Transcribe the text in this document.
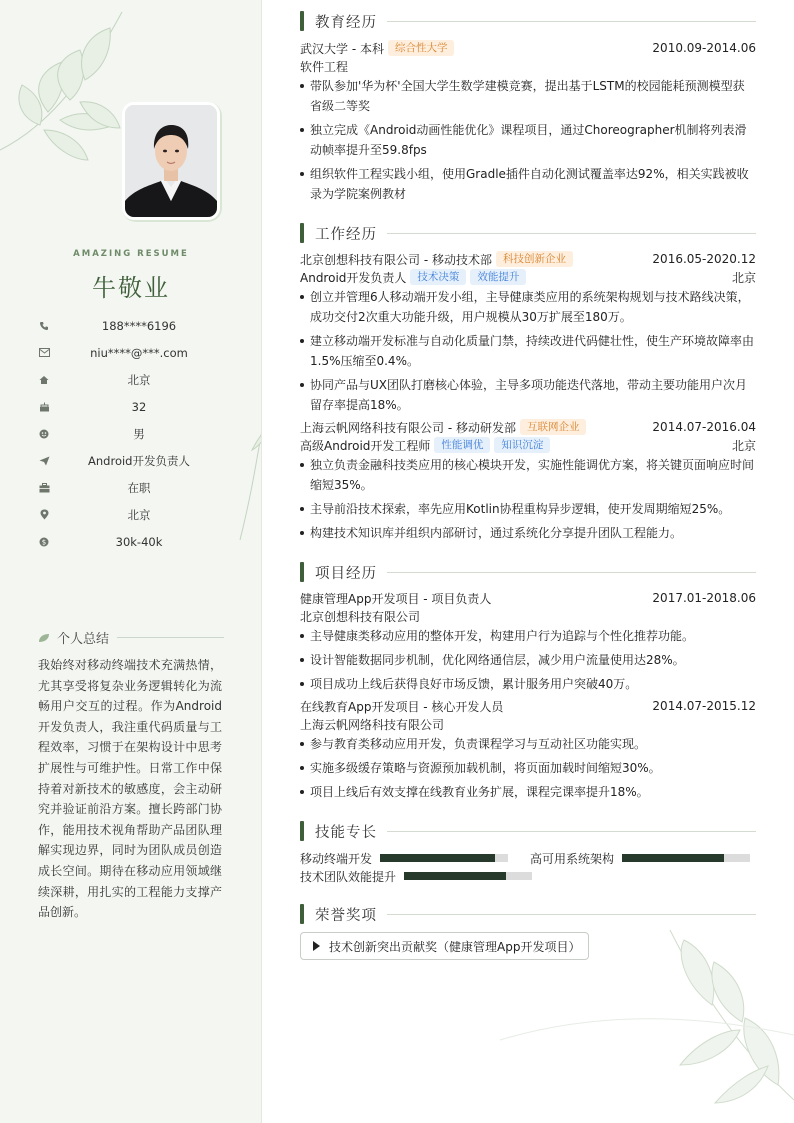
AMAZING RESUME
牛敬业
188****6196
niu****@***.com
北京
32
男
Android开发负责人
在职
北京
$	30k-40k
个人总结
我始终对移动终端技术充满热情，尤其享受将复杂业务逻辑转化为流畅用户交互的过程。作为Android开发负责人，我注重代码质量与工程效率，习惯于在架构设计中思考扩展性与可维护性。日常工作中保持着对新技术的敏感度，会主动研究并验证前沿方案。擅长跨部门协作，能用技术视角帮助产品团队理解实现边界，同时为团队成员创造成长空间。期待在移动应用领域继续深耕，用扎实的工程能力支撑产品创新。
教育经历
武汉大学 - 本科	综合性大学	2010.09-2014.06
软件工程
带队参加'华为杯'全国大学生数学建模竞赛，提出基于LSTM的校园能耗预测模型获省级二等奖
独立完成《Android动画性能优化》课程项目，通过Choreographer机制将列表滑动帧率提升至59.8fps
组织软件工程实践小组，使用Gradle插件自动化测试覆盖率达92%，相关实践被收录为学院案例教材
工作经历
北京创想科技有限公司 - 移动技术部	科技创新企业	2016.05-2020.12
Android开发负责人	技术决策	效能提升	北京
创立并管理6人移动端开发小组，主导健康类应用的系统架构规划与技术路线决策，成功交付2次重大功能升级，用户规模从30万扩展至180万。
建立移动端开发标准与自动化质量门禁，持续改进代码健壮性，使生产环境故障率由1.5%压缩至0.4%。
协同产品与UX团队打磨核心体验，主导多项功能迭代落地，带动主要功能用户次月留存率提高18%。
上海云帆网络科技有限公司 - 移动研发部	互联网企业	2014.07-2016.04
高级Android开发工程师	性能调优	知识沉淀	北京
独立负责金融科技类应用的核心模块开发，实施性能调优方案，将关键页面响应时间缩短35%。
主导前沿技术探索，率先应用Kotlin协程重构异步逻辑，使开发周期缩短25%。
构建技术知识库并组织内部研讨，通过系统化分享提升团队工程能力。
项目经历
健康管理App开发项目 - 项目负责人	2017.01-2018.06
北京创想科技有限公司
主导健康类移动应用的整体开发，构建用户行为追踪与个性化推荐功能。
设计智能数据同步机制，优化网络通信层，减少用户流量使用达28%。
项目成功上线后获得良好市场反馈，累计服务用户突破40万。
在线教育App开发项目 - 核心开发人员	2014.07-2015.12
上海云帆网络科技有限公司
参与教育类移动应用开发，负责课程学习与互动社区功能实现。
实施多级缓存策略与资源预加载机制，将页面加载时间缩短30%。
项目上线后有效支撑在线教育业务扩展，课程完课率提升18%。
技能专长
移动终端开发	高可用系统架构
技术团队效能提升
荣誉奖项
技术创新突出贡献奖（健康管理App开发项目）
